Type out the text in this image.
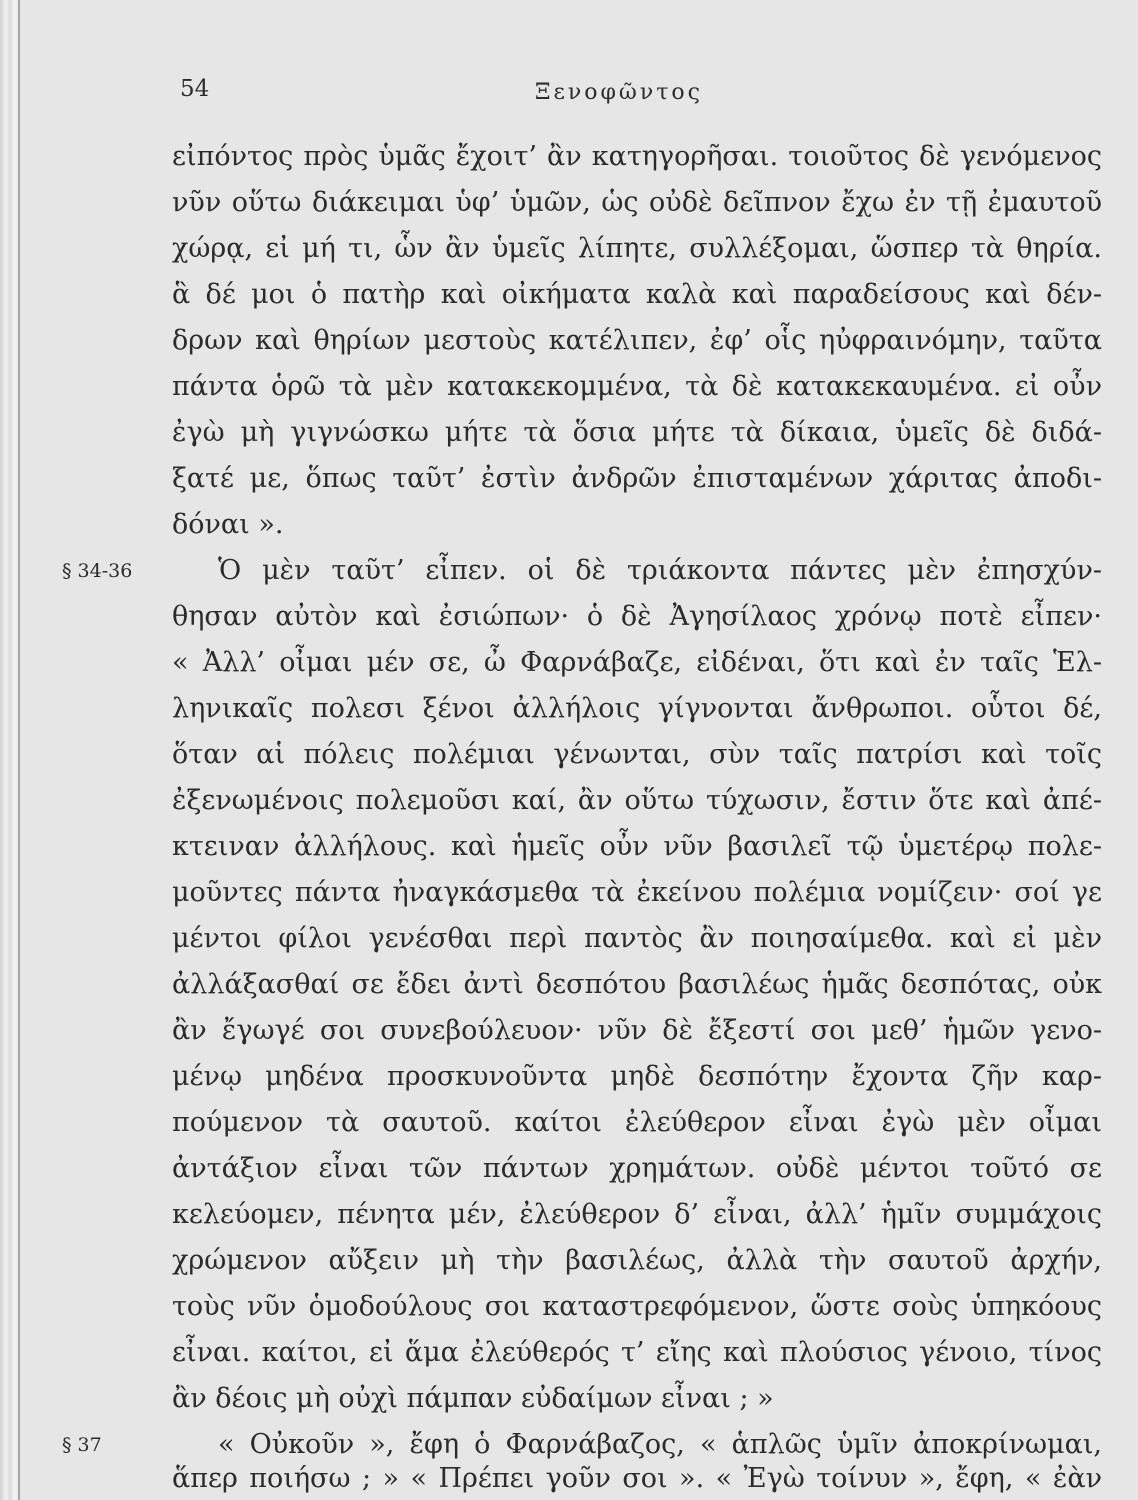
54	Ξενοφῶντος
εἰπόντος πρὸς ὑμᾶς ἔχοιτ’ ἂν κατηγορῆσαι. τοιοῦτος δὲ γενόμενος
νῦν οὕτω διάκειμαι ὑφ’ ὑμῶν, ὡς οὐδὲ δεῖπνον ἔχω ἐν τῇ ἐμαυτοῦ
χώρᾳ, εἰ μή τι, ὧν ἂν ὑμεῖς λίπητε, συλλέξομαι, ὥσπερ τὰ θηρία.
ἃ δέ μοι ὁ πατὴρ καὶ οἰκήματα καλὰ καὶ παραδείσους καὶ δέν-
δρων καὶ θηρίων μεστοὺς κατέλιπεν, ἐφ’ οἷς ηὐφραινόμην, ταῦτα
πάντα ὁρῶ τὰ μὲν κατακεκομμένα, τὰ δὲ κατακεκαυμένα. εἰ οὖν
ἐγὼ μὴ γιγνώσκω μήτε τὰ ὅσια μήτε τὰ δίκαια, ὑμεῖς δὲ διδά-
ξατέ με, ὅπως ταῦτ’ ἐστὶν ἀνδρῶν ἐπισταμένων χάριτας ἀποδι-
δόναι ».
§ 34-36	Ὁ μὲν ταῦτ’ εἶπεν. οἱ δὲ τριάκοντα πάντες μὲν ἐπησχύν-
θησαν αὐτὸν καὶ ἐσιώπων· ὁ δὲ Ἀγησίλαος χρόνῳ ποτὲ εἶπεν·
« Ἀλλ’ οἶμαι μέν σε, ὦ Φαρνάβαζε, εἰδέναι, ὅτι καὶ ἐν ταῖς Ἑλ-
ληνικαῖς πολεσι ξένοι ἀλλήλοις γίγνονται ἄνθρωποι. οὗτοι δέ,
ὅταν αἱ πόλεις πολέμιαι γένωνται, σὺν ταῖς πατρίσι καὶ τοῖς
ἐξενωμένοις πολεμοῦσι καί, ἂν οὕτω τύχωσιν, ἔστιν ὅτε καὶ ἀπέ-
κτειναν ἀλλήλους. καὶ ἡμεῖς οὖν νῦν βασιλεῖ τῷ ὑμετέρῳ πολε-
μοῦντες πάντα ἠναγκάσμεθα τὰ ἐκείνου πολέμια νομίζειν· σοί γε
μέντοι φίλοι γενέσθαι περὶ παντὸς ἂν ποιησαίμεθα. καὶ εἰ μὲν
ἀλλάξασθαί σε ἔδει ἀντὶ δεσπότου βασιλέως ἡμᾶς δεσπότας, οὐκ
ἂν ἔγωγέ σοι συνεβούλευον· νῦν δὲ ἔξεστί σοι μεθ’ ἡμῶν γενο-
μένῳ μηδένα προσκυνοῦντα μηδὲ δεσπότην ἔχοντα ζῆν καρ-
πούμενον τὰ σαυτοῦ. καίτοι ἐλεύθερον εἶναι ἐγὼ μὲν οἶμαι
ἀντάξιον εἶναι τῶν πάντων χρημάτων. οὐδὲ μέντοι τοῦτό σε
κελεύομεν, πένητα μέν, ἐλεύθερον δ’ εἶναι, ἀλλ’ ἡμῖν συμμάχοις
χρώμενον αὔξειν μὴ τὴν βασιλέως, ἀλλὰ τὴν σαυτοῦ ἀρχήν,
τοὺς νῦν ὁμοδούλους σοι καταστρεφόμενον, ὥστε σοὺς ὑπηκόους
εἶναι. καίτοι, εἰ ἅμα ἐλεύθερός τ’ εἴης καὶ πλούσιος γένοιο, τίνος
ἂν δέοις μὴ οὐχὶ πάμπαν εὐδαίμων εἶναι ; »
§ 37	« Οὐκοῦν », ἔφη ὁ Φαρνάβαζος, « ἁπλῶς ὑμῖν ἀποκρίνωμαι,
ἅπερ ποιήσω ; » « Πρέπει γοῦν σοι ». « Ἐγὼ τοίνυν », ἔφη, « ἐὰν
